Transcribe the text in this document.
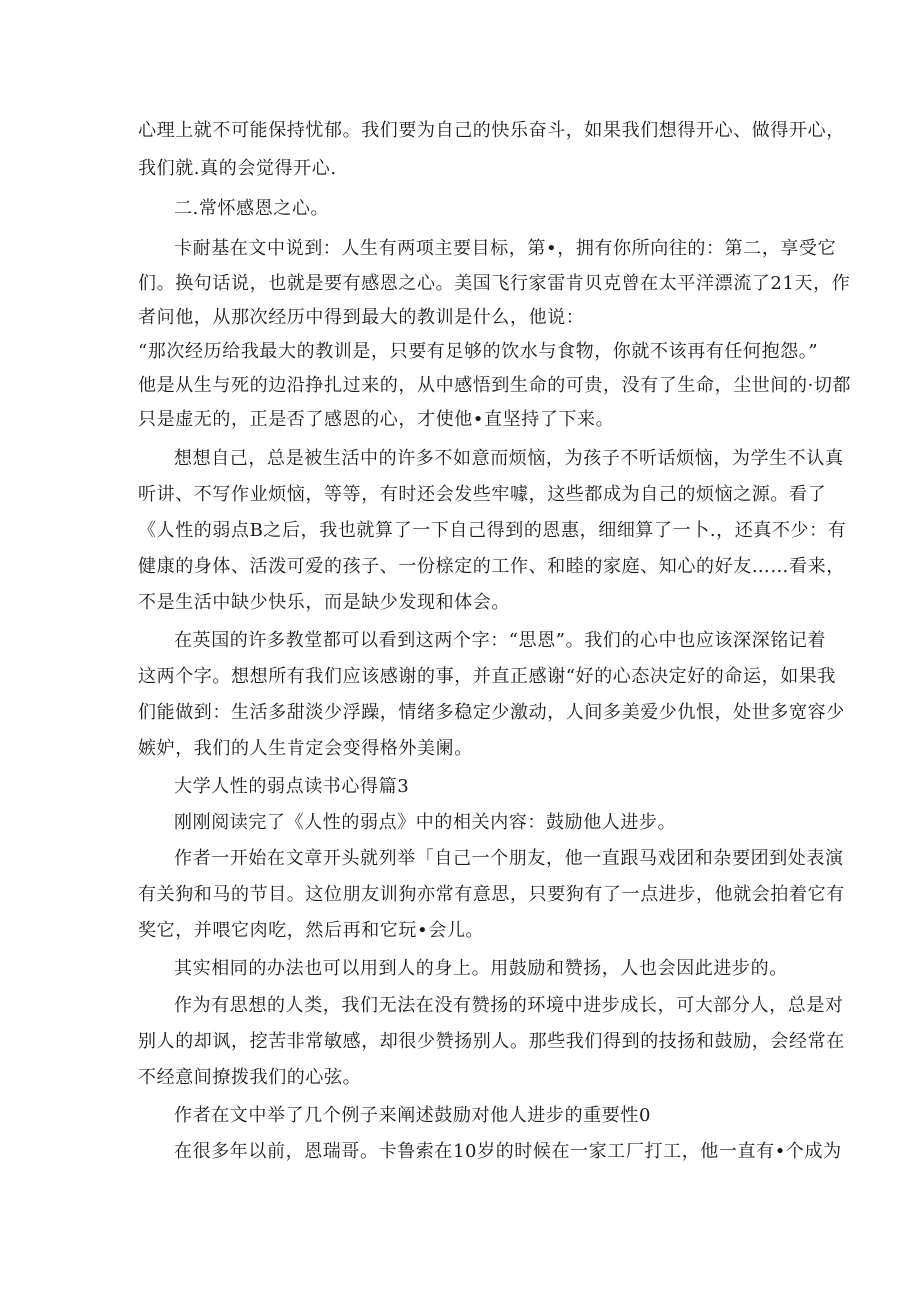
心理上就不可能保持忧郁。我们要为自己的快乐奋斗，如果我们想得开心、做得开心，

我们就.真的会觉得开心.

二.常怀感恩之心。

卡耐基在文中说到：人生有两项主要目标，第•，拥有你所向往的：第二，享受它

们。换句话说，也就是要有感恩之心。美国飞行家雷肯贝克曾在太平洋漂流了21天，作

者问他，从那次经历中得到最大的教训是什么，他说：

“那次经历给我最大的教训是，只要有足够的饮水与食物，你就不该再有任何抱怨。”

他是从生与死的边沿挣扎过来的，从中感悟到生命的可贵，没有了生命，尘世间的·切都

只是虚无的，正是否了感恩的心，才使他•直坚持了下来。

想想自己，总是被生活中的许多不如意而烦恼，为孩子不听话烦恼，为学生不认真

听讲、不写作业烦恼，等等，有时还会发些牢噱，这些都成为自己的烦恼之源。看了

《人性的弱点B之后，我也就算了一下自己得到的恩惠，细细算了一卜.，还真不少：有

健康的身体、活泼可爱的孩子、一份榇定的工作、和睦的家庭、知心的好友……看来，

不是生活中缺少快乐，而是缺少发现和体会。

在英国的许多教堂都可以看到这两个字：“思恩”。我们的心中也应该深深铭记着

这两个字。想想所有我们应该感谢的事，并直正感谢“好的心态决定好的命运，如果我

们能做到：生活多甜淡少浮躁，情绪多稳定少激动，人间多美爱少仇恨，处世多宽容少

嫉妒，我们的人生肯定会变得格外美阑。

大学人性的弱点读书心得篇3

刚刚阅读完了《人性的弱点》中的相关内容：鼓励他人进步。

作者一开始在文章开头就列举「自己一个朋友，他一直跟马戏团和杂要团到处表演

有关狗和马的节目。这位朋友训狗亦常有意思，只要狗有了一点进步，他就会拍着它有

奖它，并喂它肉吃，然后再和它玩•会儿。

其实相同的办法也可以用到人的身上。用鼓励和赞扬，人也会因此进步的。

作为有思想的人类，我们无法在没有赞扬的环境中进步成长，可大部分人，总是对

别人的却讽，挖苦非常敏感，却很少赞扬别人。那些我们得到的技扬和鼓励，会经常在

不经意间撩拨我们的心弦。

作者在文中举了几个例子来阐述鼓励对他人进步的重要性0

在很多年以前，恩瑞哥。卡鲁索在10岁的时候在一家工厂打工，他一直有•个成为
